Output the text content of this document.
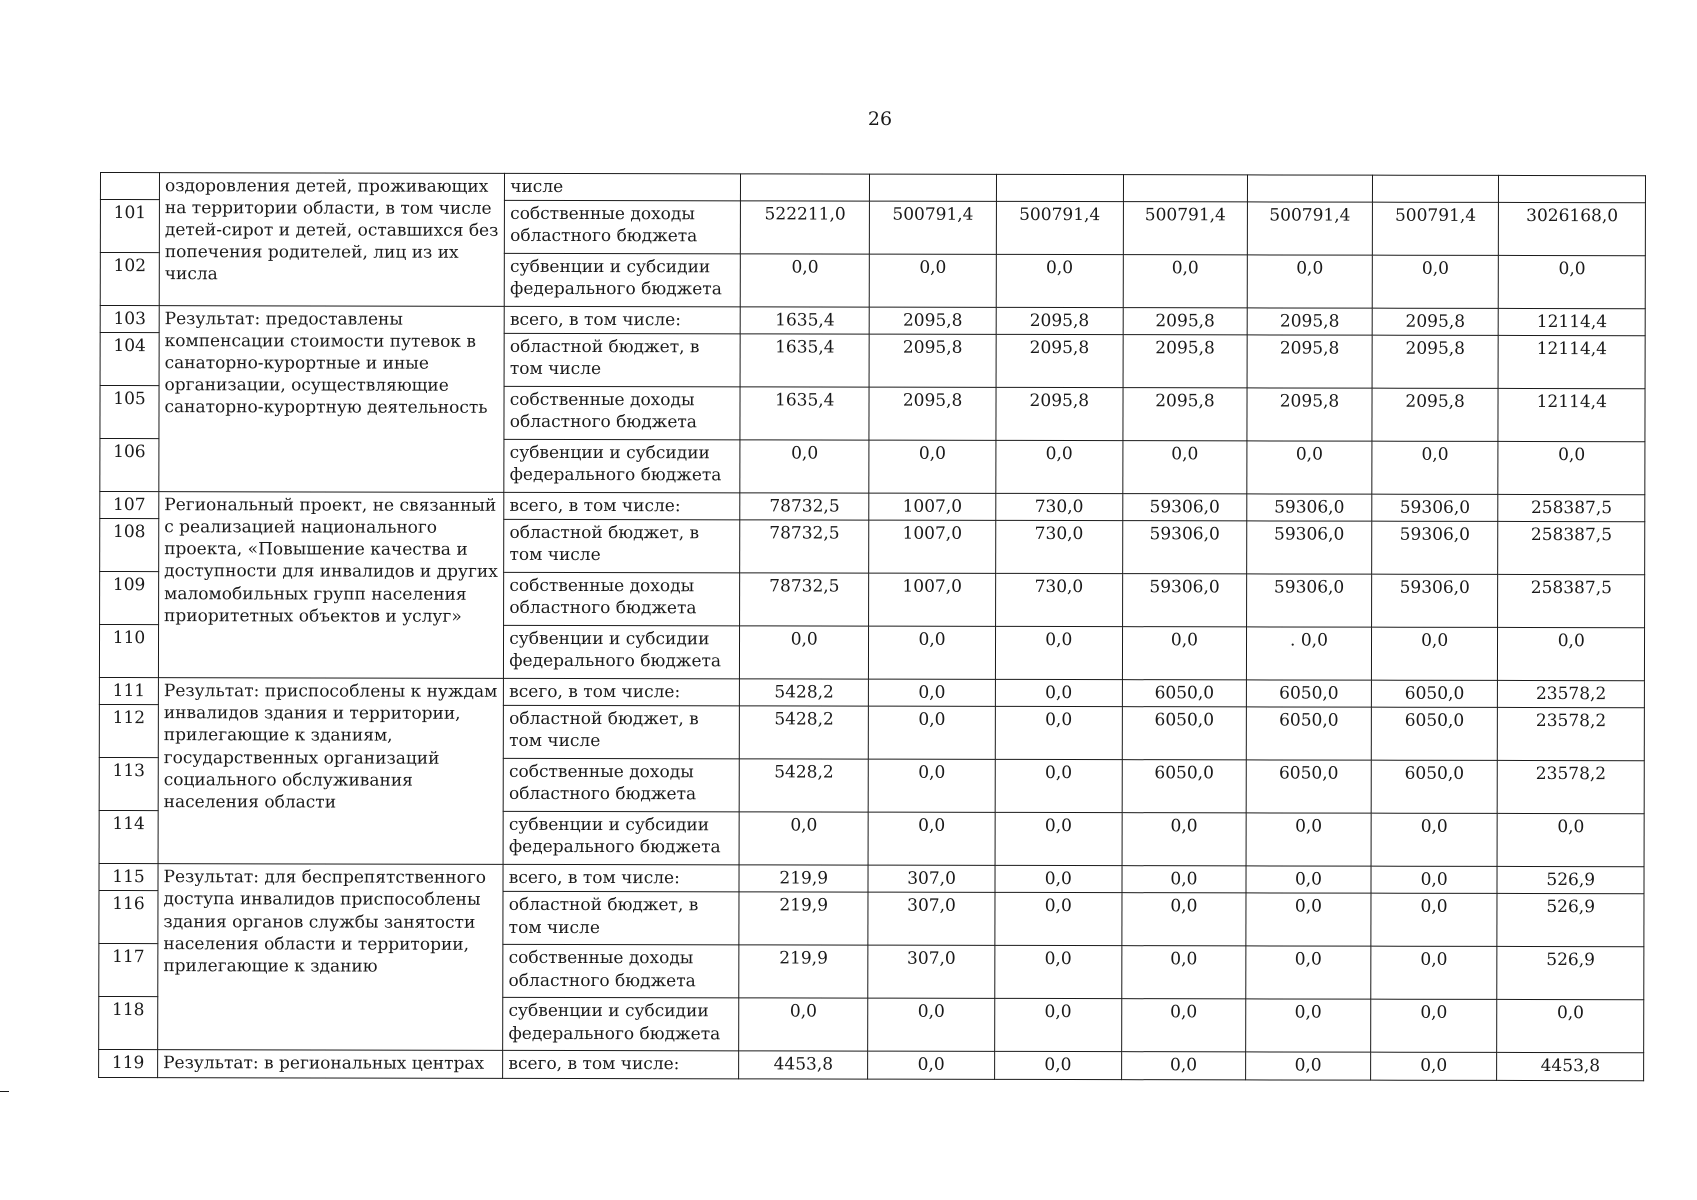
26
	оздоровления детей, проживающих на территории области, в том числе детей-сирот и детей, оставшихся без попечения родителей, лиц из их числа	числе							
101		собственные доходы областного бюджета	522211,0	500791,4	500791,4	500791,4	500791,4	500791,4	3026168,0
102		субвенции и субсидии федерального бюджета	0,0	0,0	0,0	0,0	0,0	0,0	0,0
103	Результат: предоставлены компенсации стоимости путевок в санаторно-курортные и иные организации, осуществляющие санаторно-курортную деятельность	всего, в том числе:	1635,4	2095,8	2095,8	2095,8	2095,8	2095,8	12114,4
104		областной бюджет, в том числе	1635,4	2095,8	2095,8	2095,8	2095,8	2095,8	12114,4
105		собственные доходы областного бюджета	1635,4	2095,8	2095,8	2095,8	2095,8	2095,8	12114,4
106		субвенции и субсидии федерального бюджета	0,0	0,0	0,0	0,0	0,0	0,0	0,0
107	Региональный проект, не связанный с реализацией национального проекта, «Повышение качества и доступности для инвалидов и других маломобильных групп населения приоритетных объектов и услуг»	всего, в том числе:	78732,5	1007,0	730,0	59306,0	59306,0	59306,0	258387,5
108		областной бюджет, в том числе	78732,5	1007,0	730,0	59306,0	59306,0	59306,0	258387,5
109		собственные доходы областного бюджета	78732,5	1007,0	730,0	59306,0	59306,0	59306,0	258387,5
110		субвенции и субсидии федерального бюджета	0,0	0,0	0,0	0,0	. 0,0	0,0	0,0
111	Результат: приспособлены к нуждам инвалидов здания и территории, прилегающие к зданиям, государственных организаций социального обслуживания населения области	всего, в том числе:	5428,2	0,0	0,0	6050,0	6050,0	6050,0	23578,2
112		областной бюджет, в том числе	5428,2	0,0	0,0	6050,0	6050,0	6050,0	23578,2
113		собственные доходы областного бюджета	5428,2	0,0	0,0	6050,0	6050,0	6050,0	23578,2
114		субвенции и субсидии федерального бюджета	0,0	0,0	0,0	0,0	0,0	0,0	0,0
115	Результат: для беспрепятственного доступа инвалидов приспособлены здания органов службы занятости населения области и территории, прилегающие к зданию	всего, в том числе:	219,9	307,0	0,0	0,0	0,0	0,0	526,9
116		областной бюджет, в том числе	219,9	307,0	0,0	0,0	0,0	0,0	526,9
117		собственные доходы областного бюджета	219,9	307,0	0,0	0,0	0,0	0,0	526,9
118		субвенции и субсидии федерального бюджета	0,0	0,0	0,0	0,0	0,0	0,0	0,0
119	Результат: в региональных центрах	всего, в том числе:	4453,8	0,0	0,0	0,0	0,0	0,0	4453,8
